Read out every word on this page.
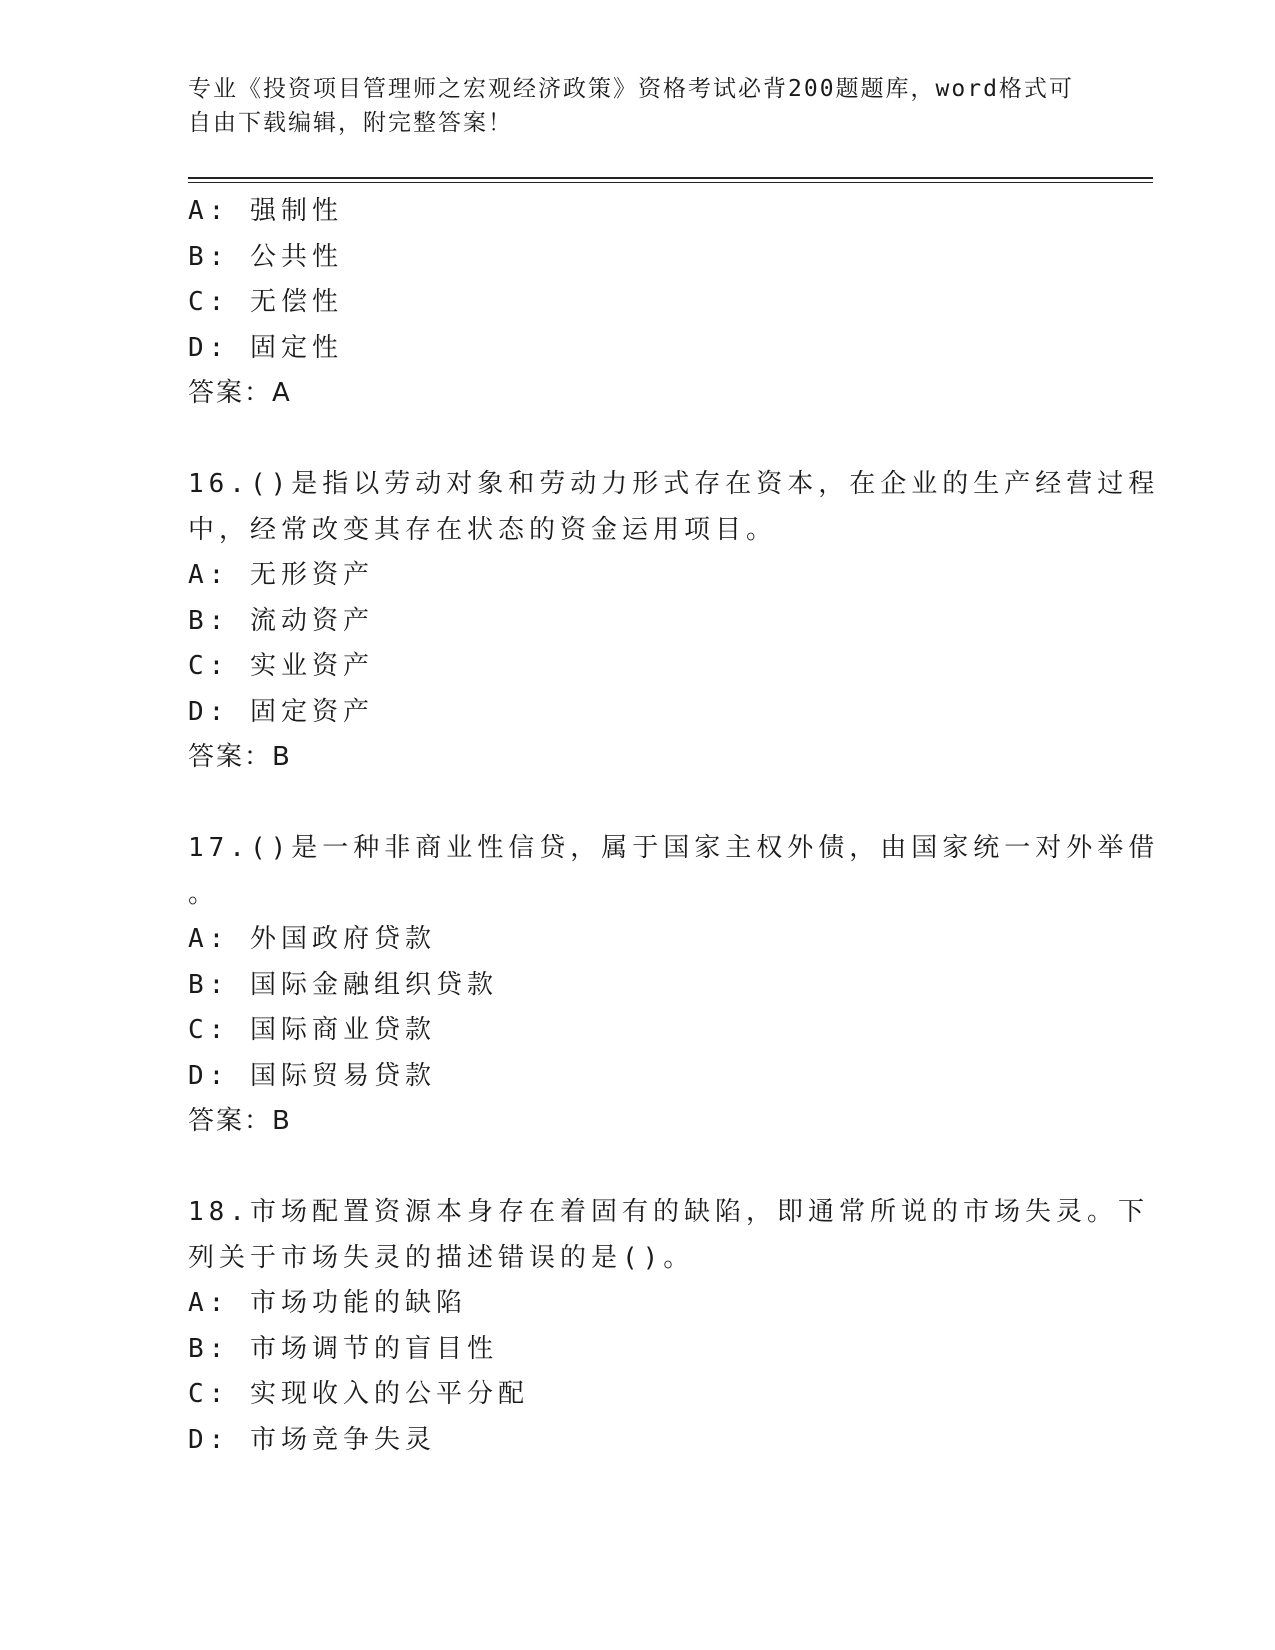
专业《投资项目管理师之宏观经济政策》资格考试必背200题题库，word格式可
自由下载编辑，附完整答案！
A: 强制性
B: 公共性
C: 无偿性
D: 固定性
答案：A
16.()是指以劳动对象和劳动力形式存在资本，在企业的生产经营过程
中，经常改变其存在状态的资金运用项目。
A: 无形资产
B: 流动资产
C: 实业资产
D: 固定资产
答案：B
17.()是一种非商业性信贷，属于国家主权外债，由国家统一对外举借
。
A: 外国政府贷款
B: 国际金融组织贷款
C: 国际商业贷款
D: 国际贸易贷款
答案：B
18.市场配置资源本身存在着固有的缺陷，即通常所说的市场失灵。下
列关于市场失灵的描述错误的是()。
A: 市场功能的缺陷
B: 市场调节的盲目性
C: 实现收入的公平分配
D: 市场竞争失灵
